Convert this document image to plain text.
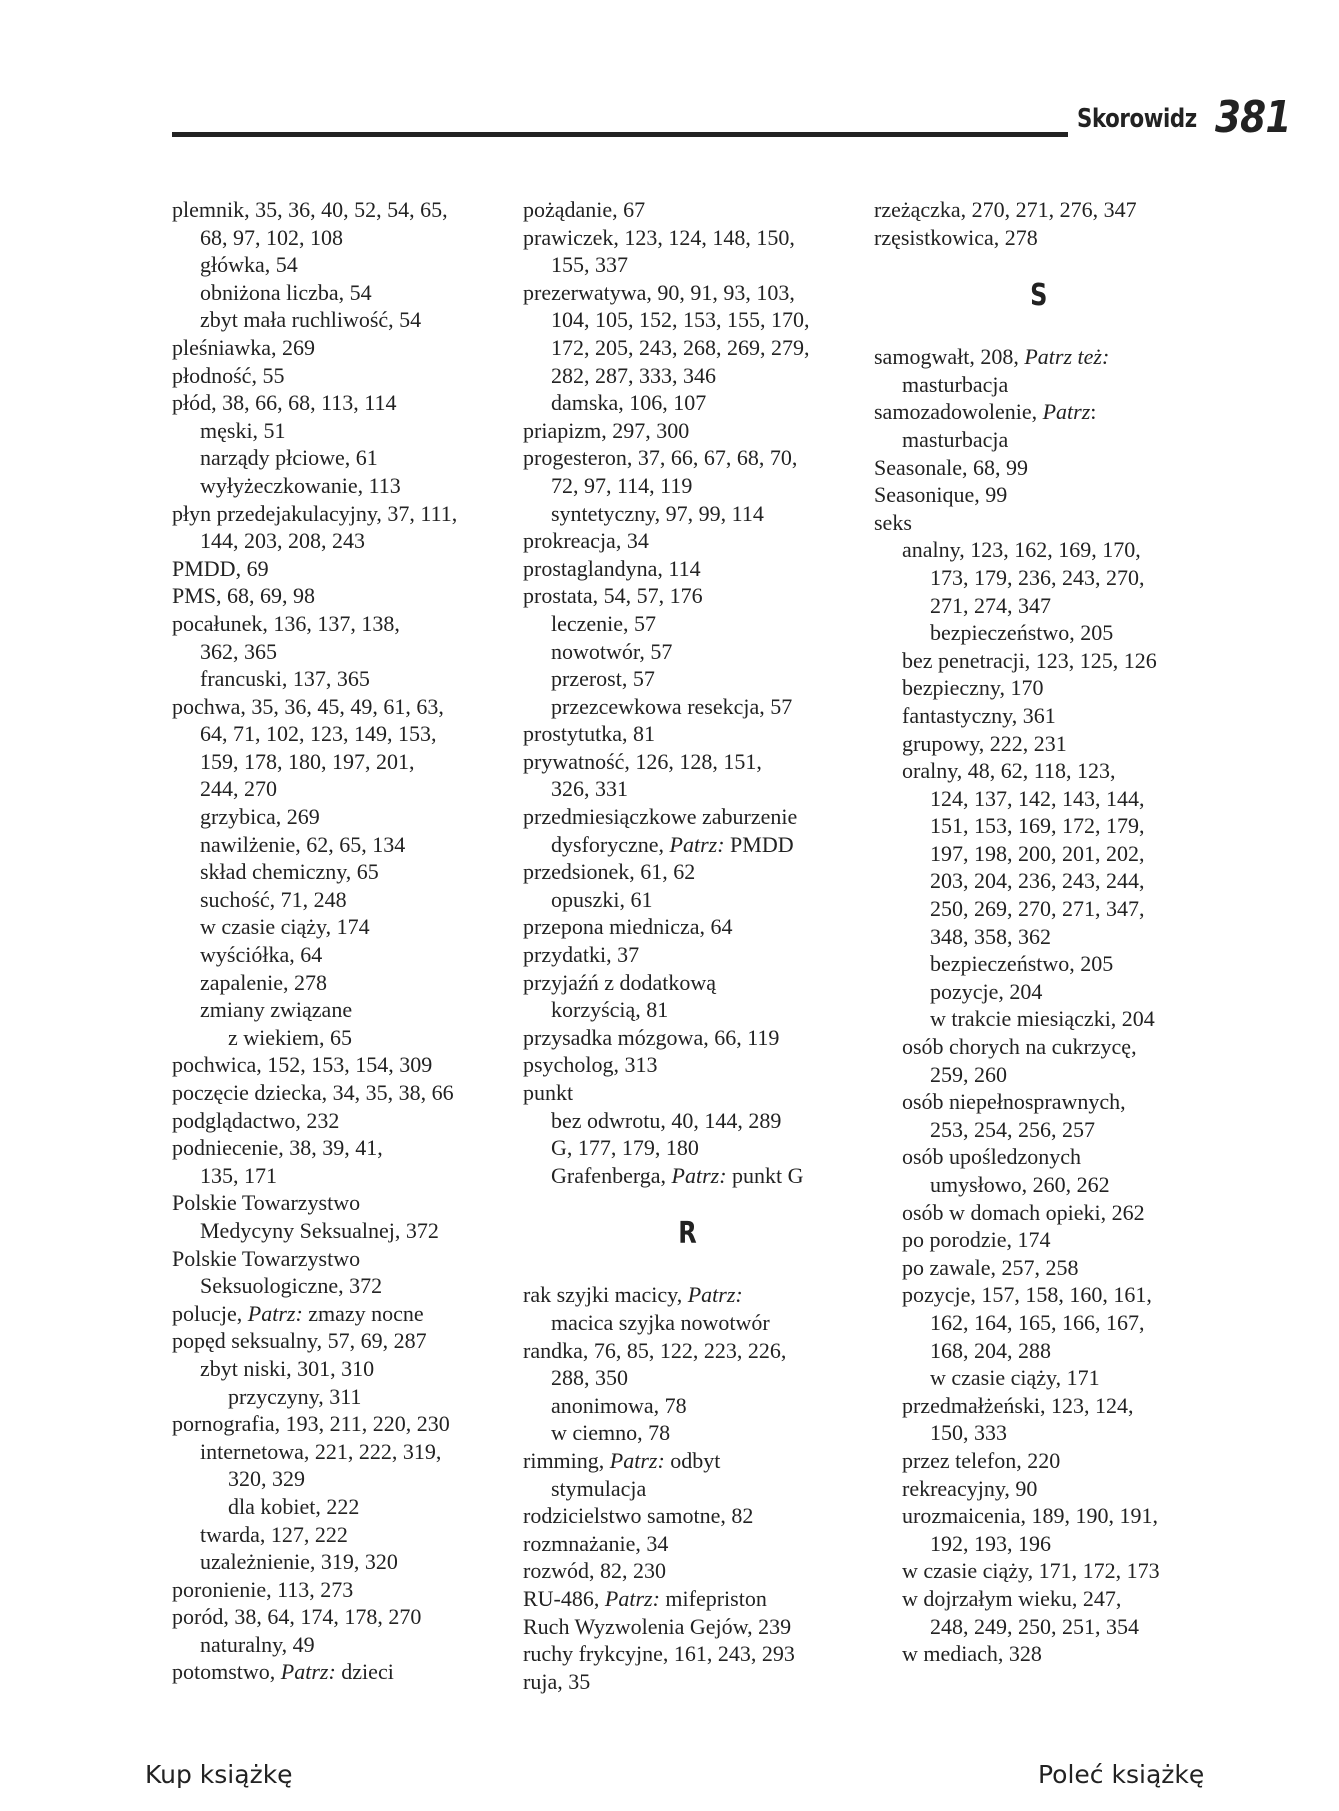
Skorowidz 381
plemnik, 35, 36, 40, 52, 54, 65,
68, 97, 102, 108
główka, 54
obniżona liczba, 54
zbyt mała ruchliwość, 54
pleśniawka, 269
płodność, 55
płód, 38, 66, 68, 113, 114
męski, 51
narządy płciowe, 61
wyłyżeczkowanie, 113
płyn przedejakulacyjny, 37, 111,
144, 203, 208, 243
PMDD, 69
PMS, 68, 69, 98
pocałunek, 136, 137, 138,
362, 365
francuski, 137, 365
pochwa, 35, 36, 45, 49, 61, 63,
64, 71, 102, 123, 149, 153,
159, 178, 180, 197, 201,
244, 270
grzybica, 269
nawilżenie, 62, 65, 134
skład chemiczny, 65
suchość, 71, 248
w czasie ciąży, 174
wyściółka, 64
zapalenie, 278
zmiany związane
z wiekiem, 65
pochwica, 152, 153, 154, 309
poczęcie dziecka, 34, 35, 38, 66
podglądactwo, 232
podniecenie, 38, 39, 41,
135, 171
Polskie Towarzystwo
Medycyny Seksualnej, 372
Polskie Towarzystwo
Seksuologiczne, 372
polucje, Patrz: zmazy nocne
popęd seksualny, 57, 69, 287
zbyt niski, 301, 310
przyczyny, 311
pornografia, 193, 211, 220, 230
internetowa, 221, 222, 319,
320, 329
dla kobiet, 222
twarda, 127, 222
uzależnienie, 319, 320
poronienie, 113, 273
poród, 38, 64, 174, 178, 270
naturalny, 49
potomstwo, Patrz: dzieci
pożądanie, 67
prawiczek, 123, 124, 148, 150,
155, 337
prezerwatywa, 90, 91, 93, 103,
104, 105, 152, 153, 155, 170,
172, 205, 243, 268, 269, 279,
282, 287, 333, 346
damska, 106, 107
priapizm, 297, 300
progesteron, 37, 66, 67, 68, 70,
72, 97, 114, 119
syntetyczny, 97, 99, 114
prokreacja, 34
prostaglandyna, 114
prostata, 54, 57, 176
leczenie, 57
nowotwór, 57
przerost, 57
przezcewkowa resekcja, 57
prostytutka, 81
prywatność, 126, 128, 151,
326, 331
przedmiesiączkowe zaburzenie
dysforyczne, Patrz: PMDD
przedsionek, 61, 62
opuszki, 61
przepona miednicza, 64
przydatki, 37
przyjaźń z dodatkową
korzyścią, 81
przysadka mózgowa, 66, 119
psycholog, 313
punkt
bez odwrotu, 40, 144, 289
G, 177, 179, 180
Grafenberga, Patrz: punkt G
R
rak szyjki macicy, Patrz:
macica szyjka nowotwór
randka, 76, 85, 122, 223, 226,
288, 350
anonimowa, 78
w ciemno, 78
rimming, Patrz: odbyt
stymulacja
rodzicielstwo samotne, 82
rozmnażanie, 34
rozwód, 82, 230
RU-486, Patrz: mifepriston
Ruch Wyzwolenia Gejów, 239
ruchy frykcyjne, 161, 243, 293
ruja, 35
rzeżączka, 270, 271, 276, 347
rzęsistkowica, 278
S
samogwałt, 208, Patrz też:
masturbacja
samozadowolenie, Patrz:
masturbacja
Seasonale, 68, 99
Seasonique, 99
seks
analny, 123, 162, 169, 170,
173, 179, 236, 243, 270,
271, 274, 347
bezpieczeństwo, 205
bez penetracji, 123, 125, 126
bezpieczny, 170
fantastyczny, 361
grupowy, 222, 231
oralny, 48, 62, 118, 123,
124, 137, 142, 143, 144,
151, 153, 169, 172, 179,
197, 198, 200, 201, 202,
203, 204, 236, 243, 244,
250, 269, 270, 271, 347,
348, 358, 362
bezpieczeństwo, 205
pozycje, 204
w trakcie miesiączki, 204
osób chorych na cukrzycę,
259, 260
osób niepełnosprawnych,
253, 254, 256, 257
osób upośledzonych
umysłowo, 260, 262
osób w domach opieki, 262
po porodzie, 174
po zawale, 257, 258
pozycje, 157, 158, 160, 161,
162, 164, 165, 166, 167,
168, 204, 288
w czasie ciąży, 171
przedmałżeński, 123, 124,
150, 333
przez telefon, 220
rekreacyjny, 90
urozmaicenia, 189, 190, 191,
192, 193, 196
w czasie ciąży, 171, 172, 173
w dojrzałym wieku, 247,
248, 249, 250, 251, 354
w mediach, 328
Kup książkę	Poleć książkę
